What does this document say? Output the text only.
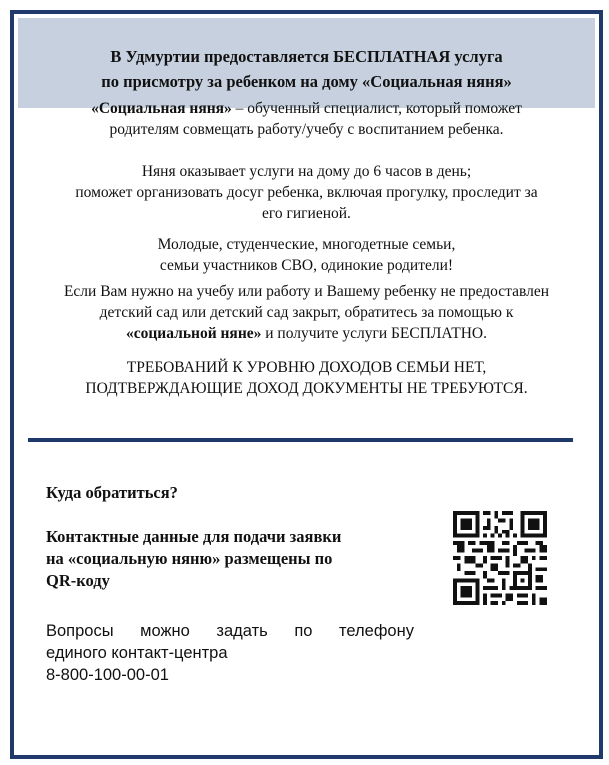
В Удмуртии предоставляется БЕСПЛАТНАЯ услуга
по присмотру за ребенком на дому «Социальная няня»
«Социальная няня» – обученный специалист, который поможет
родителям совмещать работу/учебу с воспитанием ребенка.
Няня оказывает услуги на дому до 6 часов в день;
поможет организовать досуг ребенка, включая прогулку, проследит за
его гигиеной.
Молодые, студенческие, многодетные семьи,
семьи участников СВО, одинокие родители!
Если Вам нужно на учебу или работу и Вашему ребенку не предоставлен
детский сад или детский сад закрыт, обратитесь за помощью к
«социальной няне» и получите услуги БЕСПЛАТНО.
ТРЕБОВАНИЙ К УРОВНЮ ДОХОДОВ СЕМЬИ НЕТ,
ПОДТВЕРЖДАЮЩИЕ ДОХОД ДОКУМЕНТЫ НЕ ТРЕБУЮТСЯ.
Куда обратиться?
Контактные данные для подачи заявки
на «социальную няню» размещены по
QR-коду
Вопросы можно задать по телефону
единого контакт-центра
8-800-100-00-01
